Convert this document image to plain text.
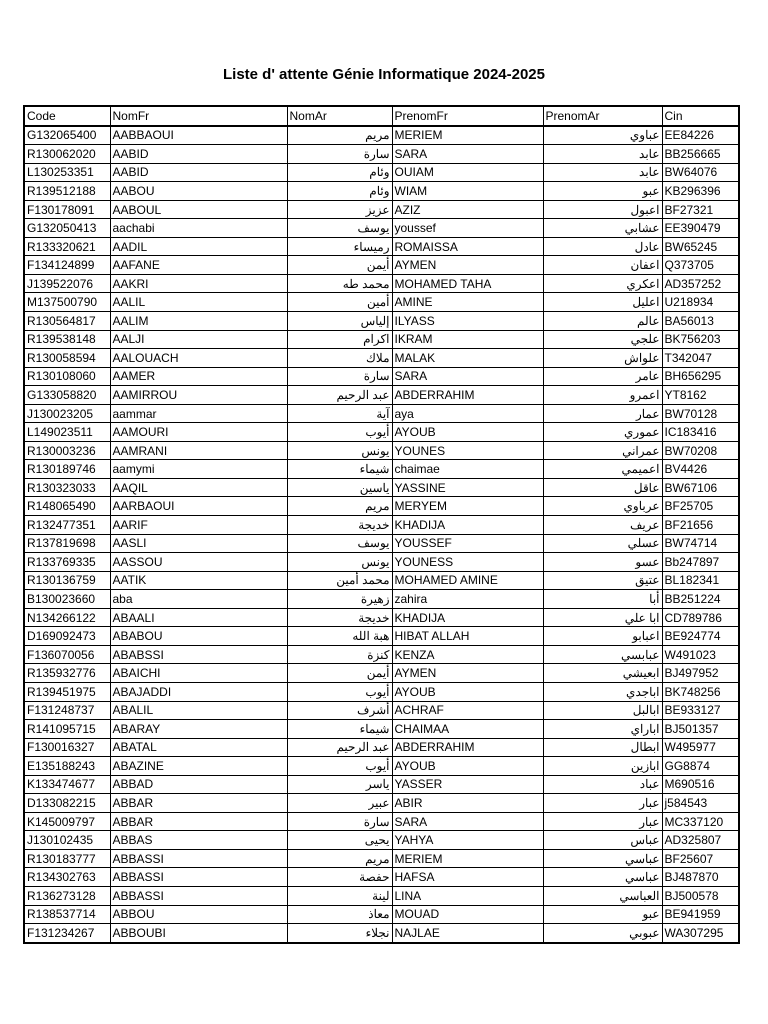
Liste d' attente Génie Informatique 2024-2025
Code	NomFr	NomAr	PrenomFr	PrenomAr	Cin
G132065400	AABBAOUI	مريم	MERIEM	عباوي	EE84226
R130062020	AABID	سارة	SARA	عابد	BB256665
L130253351	AABID	وئام	OUIAM	عابد	BW64076
R139512188	AABOU	وئام	WIAM	عبو	KB296396
F130178091	AABOUL	عزيز	AZIZ	اعبول	BF27321
G132050413	aachabi	يوسف	youssef	عشابي	EE390479
R133320621	AADIL	رميساء	ROMAISSA	عادل	BW65245
F134124899	AAFANE	أيمن	AYMEN	اعفان	Q373705
J139522076	AAKRI	محمد طه	MOHAMED TAHA	اعكري	AD357252
M137500790	AALIL	أمين	AMINE	اعليل	U218934
R130564817	AALIM	إلياس	ILYASS	عالم	BA56013
R139538148	AALJI	اكرام	IKRAM	علجي	BK756203
R130058594	AALOUACH	ملاك	MALAK	علواش	T342047
R130108060	AAMER	سارة	SARA	عامر	BH656295
G133058820	AAMIRROU	عبد الرحيم	ABDERRAHIM	اعمرو	YT8162
J130023205	aammar	آية	aya	عمار	BW70128
L149023511	AAMOURI	أيوب	AYOUB	عموري	IC183416
R130003236	AAMRANI	يونس	YOUNES	عمراني	BW70208
R130189746	aamymi	شيماء	chaimae	اعميمي	BV4426
R130323033	AAQIL	ياسين	YASSINE	عاقل	BW67106
R148065490	AARBAOUI	مريم	MERYEM	عرباوي	BF25705
R132477351	AARIF	خديجة	KHADIJA	عريف	BF21656
R137819698	AASLI	يوسف	YOUSSEF	عسلي	BW74714
R133769335	AASSOU	يونس	YOUNESS	عسو	Bb247897
R130136759	AATIK	محمد أمين	MOHAMED AMINE	عتيق	BL182341
B130023660	aba	زهيرة	zahira	أبا	BB251224
N134266122	ABAALI	خديجة	KHADIJA	ابا علي	CD789786
D169092473	ABABOU	هبة الله	HIBAT ALLAH	اعبابو	BE924774
F136070056	ABABSSI	كنزة	KENZA	عبابسي	W491023
R135932776	ABAICHI	أيمن	AYMEN	ابعيشي	BJ497952
R139451975	ABAJADDI	أيوب	AYOUB	اباجدي	BK748256
F131248737	ABALIL	أشرف	ACHRAF	ابالبل	BE933127
R141095715	ABARAY	شيماء	CHAIMAA	اباراي	BJ501357
F130016327	ABATAL	عبد الرحيم	ABDERRAHIM	ابطال	W495977
E135188243	ABAZINE	أيوب	AYOUB	ابازين	GG8874
K133474677	ABBAD	ياسر	YASSER	عباد	M690516
D133082215	ABBAR	عبير	ABIR	عبار	j584543
K145009797	ABBAR	سارة	SARA	عبار	MC337120
J130102435	ABBAS	يحيى	YAHYA	عباس	AD325807
R130183777	ABBASSI	مريم	MERIEM	عباسي	BF25607
R134302763	ABBASSI	حفصة	HAFSA	عباسي	BJ487870
R136273128	ABBASSI	لينة	LINA	العباسي	BJ500578
R138537714	ABBOU	معاذ	MOUAD	عبو	BE941959
F131234267	ABBOUBI	نجلاء	NAJLAE	عبوبي	WA307295
